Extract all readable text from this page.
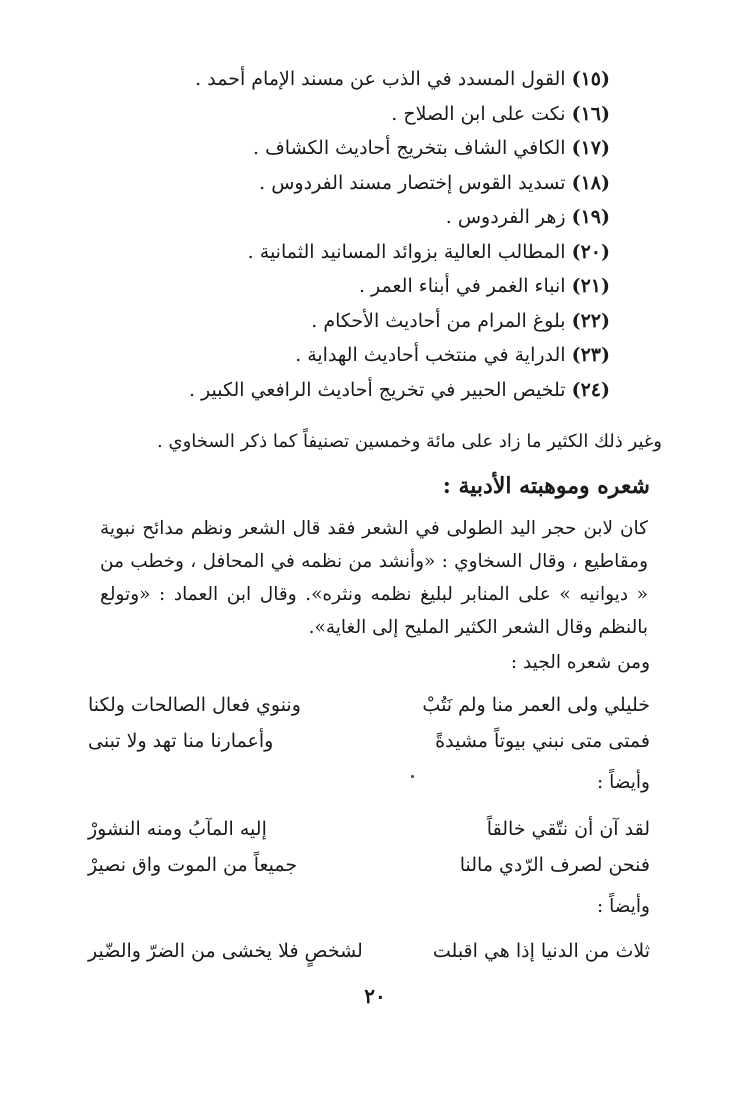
(١٥)القول المسدد في الذب عن مسند الإمام أحمد .
(١٦)نكت على ابن الصلاح .
(١٧)الكافي الشاف بتخريج أحاديث الكشاف .
(١٨)تسديد القوس إختصار مسند الفردوس .
(١٩)زهر الفردوس .
(٢٠)المطالب العالية بزوائد المسانيد الثمانية .
(٢١)انباء الغمر في أبناء العمر .
(٢٢)بلوغ المرام من أحاديث الأحكام .
(٢٣)الدراية في منتخب أحاديث الهداية .
(٢٤)تلخيص الحبير في تخريج أحاديث الرافعي الكبير .
وغير ذلك الكثير ما زاد على مائة وخمسين تصنيفاً كما ذكر السخاوي .
شعره وموهبته الأدبية :
كان لابن حجر اليد الطولى في الشعر فقد قال الشعر ونظم مدائح نبوية ومقاطيع ، وقال السخاوي : «وأنشد من نظمه في المحافل ، وخطب من « ديوانيه » على المنابر لبليغ نظمه ونثره». وقال ابن العماد : «وتولع بالنظم وقال الشعر الكثير المليح إلى الغاية».
ومن شعره الجيد :
خليلي ولى العمر منا ولم نَتُبْ
وننوي فعال الصالحات ولكنا
فمتى متى نبني بيوتاً مشيدةً
وأعمارنا منا تهد ولا تبنى
وأيضاً :
لقد آن أن نتّقي خالقاً
إليه المآبُ ومنه النشورْ
فنحن لصرف الرّدي مالنا
جميعاً من الموت واق نصيرْ
وأيضاً :
ثلاث من الدنيا إذا هي اقبلت
لشخصٍ فلا يخشى من الضرّ والضّير
٢٠
